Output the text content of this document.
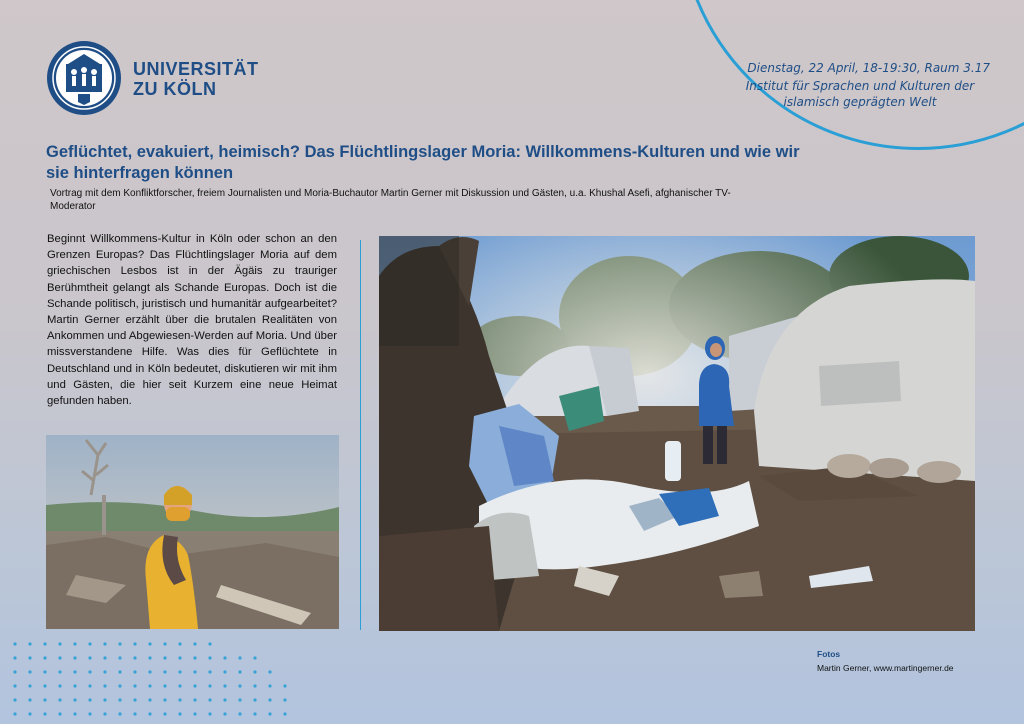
UNIVERSITÄT
ZU KÖLN
Dienstag, 22 April, 18-19:30, Raum 3.17
Institut für Sprachen und Kulturen der islamisch geprägten Welt
Geflüchtet, evakuiert, heimisch? Das Flüchtlingslager Moria: Willkommens-Kulturen und wie wir sie hinterfragen können
Vortrag mit dem Konfliktforscher, freiem Journalisten und Moria-Buchautor Martin Gerner mit Diskussion und Gästen, u.a. Khushal Asefi, afghanischer TV-Moderator
Beginnt Willkommens-Kultur in Köln oder schon an den Grenzen Europas? Das Flüchtlingslager Moria auf dem griechischen Lesbos ist in der Ägäis zu trauriger Berühmtheit gelangt als Schande Europas. Doch ist die Schande politisch, juristisch und humanitär aufgearbeitet? Martin Gerner erzählt über die brutalen Realitäten von Ankommen und Abgewiesen-Werden auf Moria. Und über missverstandene Hilfe. Was dies für Geflüchtete in Deutschland und in Köln bedeutet, diskutieren wir mit ihm und Gästen, die hier seit Kurzem eine neue Heimat gefunden haben.
Fotos
Martin Gerner, www.martingerner.de
